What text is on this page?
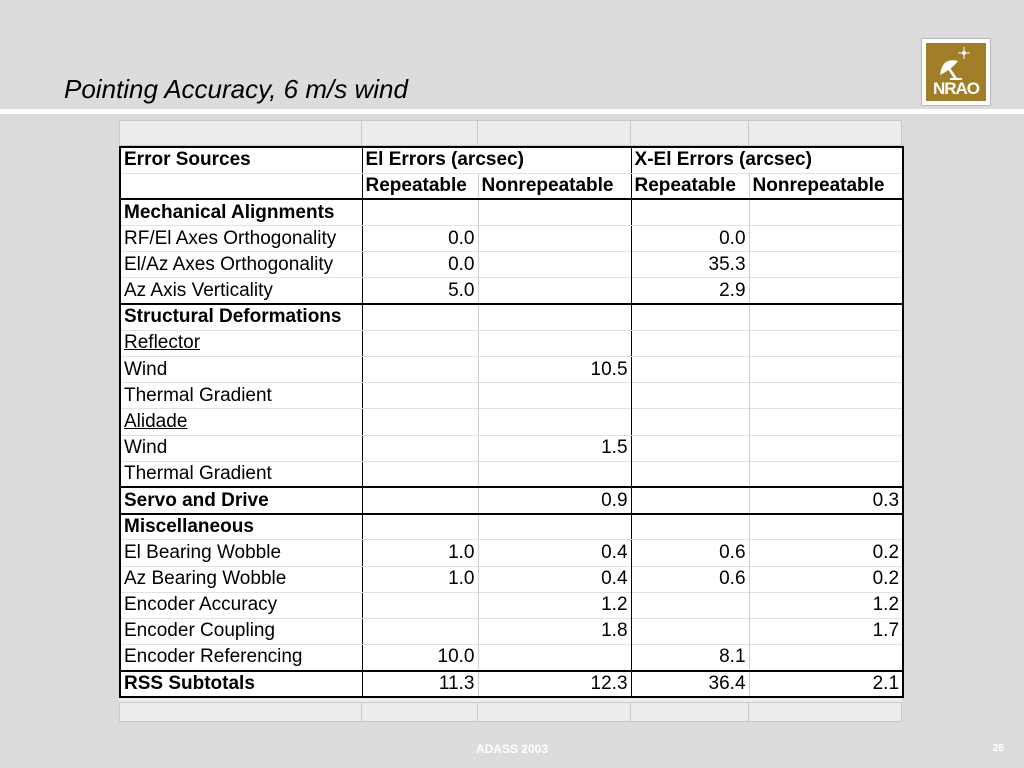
Pointing Accuracy, 6 m/s wind	NRAO
Error Sources	El Errors (arcsec)		X-El Errors (arcsec)	
	Repeatable	Nonrepeatable	Repeatable	Nonrepeatable
Mechanical Alignments				
RF/El Axes Orthogonality	0.0		0.0	
El/Az Axes Orthogonality	0.0		35.3	
Az Axis Verticality	5.0		2.9	
Structural Deformations				
Reflector				
Wind		10.5		
Thermal Gradient				
Alidade				
Wind		1.5		
Thermal Gradient				
Servo and Drive		0.9		0.3
Miscellaneous				
El Bearing Wobble	1.0	0.4	0.6	0.2
Az Bearing Wobble	1.0	0.4	0.6	0.2
Encoder Accuracy		1.2		1.2
Encoder Coupling		1.8		1.7
Encoder Referencing	10.0		8.1	
RSS Subtotals	11.3	12.3	36.4	2.1
ADASS 2003	28
